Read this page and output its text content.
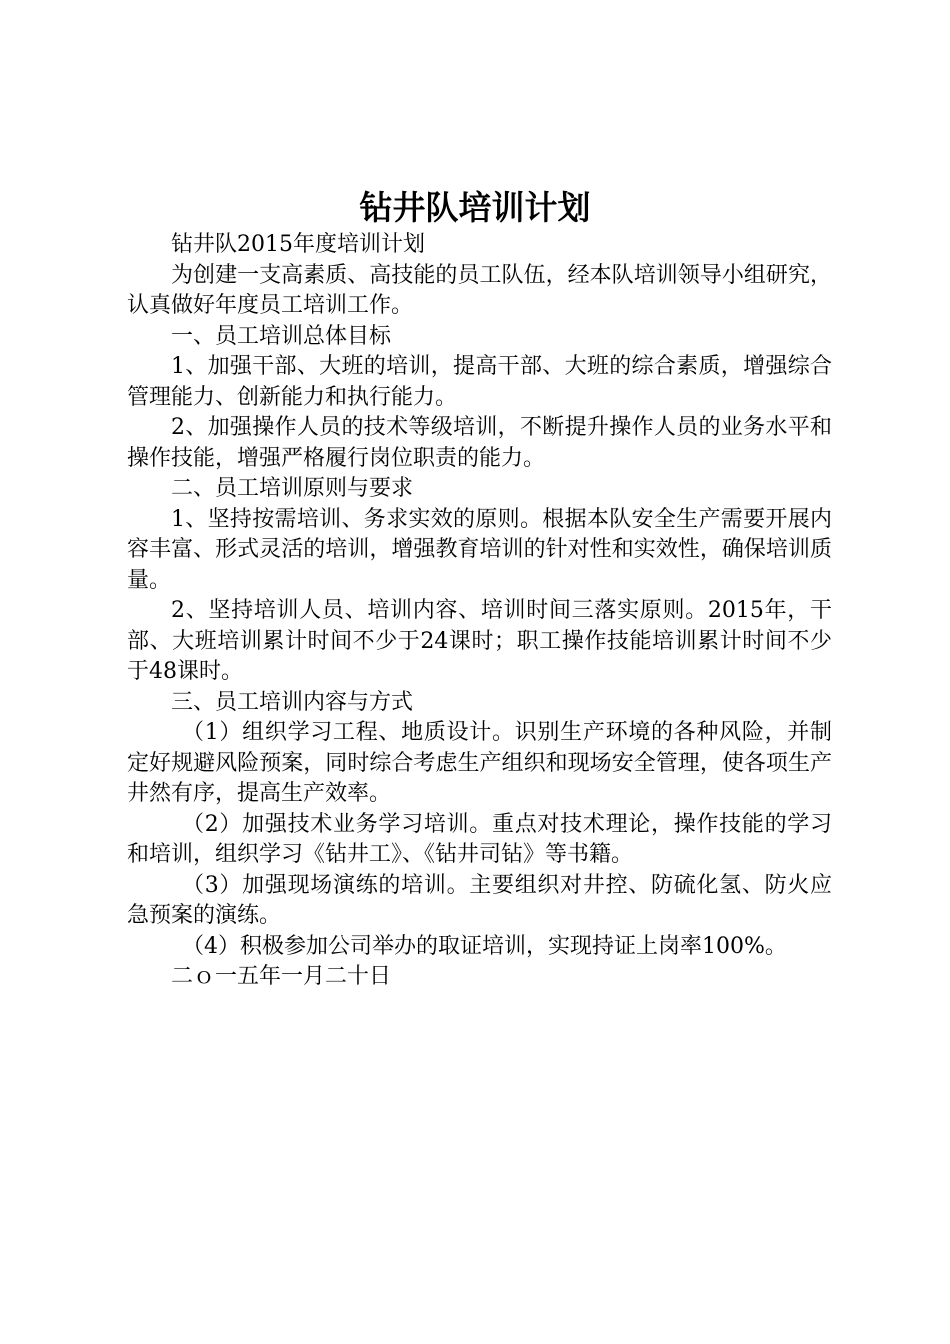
钻井队培训计划

钻井队2015年度培训计划

为创建一支高素质、高技能的员工队伍，经本队培训领导小组研究，认真做好年度员工培训工作。

一、员工培训总体目标

1、加强干部、大班的培训，提高干部、大班的综合素质，增强综合管理能力、创新能力和执行能力。

2、加强操作人员的技术等级培训，不断提升操作人员的业务水平和操作技能，增强严格履行岗位职责的能力。

二、员工培训原则与要求

1、坚持按需培训、务求实效的原则。根据本队安全生产需要开展内容丰富、形式灵活的培训，增强教育培训的针对性和实效性，确保培训质量。

2、坚持培训人员、培训内容、培训时间三落实原则。2015年，干部、大班培训累计时间不少于24课时；职工操作技能培训累计时间不少于48课时。

三、员工培训内容与方式

（1）组织学习工程、地质设计。识别生产环境的各种风险，并制定好规避风险预案，同时综合考虑生产组织和现场安全管理，使各项生产井然有序，提高生产效率。

（2）加强技术业务学习培训。重点对技术理论，操作技能的学习和培训，组织学习《钻井工》、《钻井司钻》等书籍。

（3）加强现场演练的培训。主要组织对井控、防硫化氢、防火应急预案的演练。

（4）积极参加公司举办的取证培训，实现持证上岗率100%。

二ｏ一五年一月二十日
